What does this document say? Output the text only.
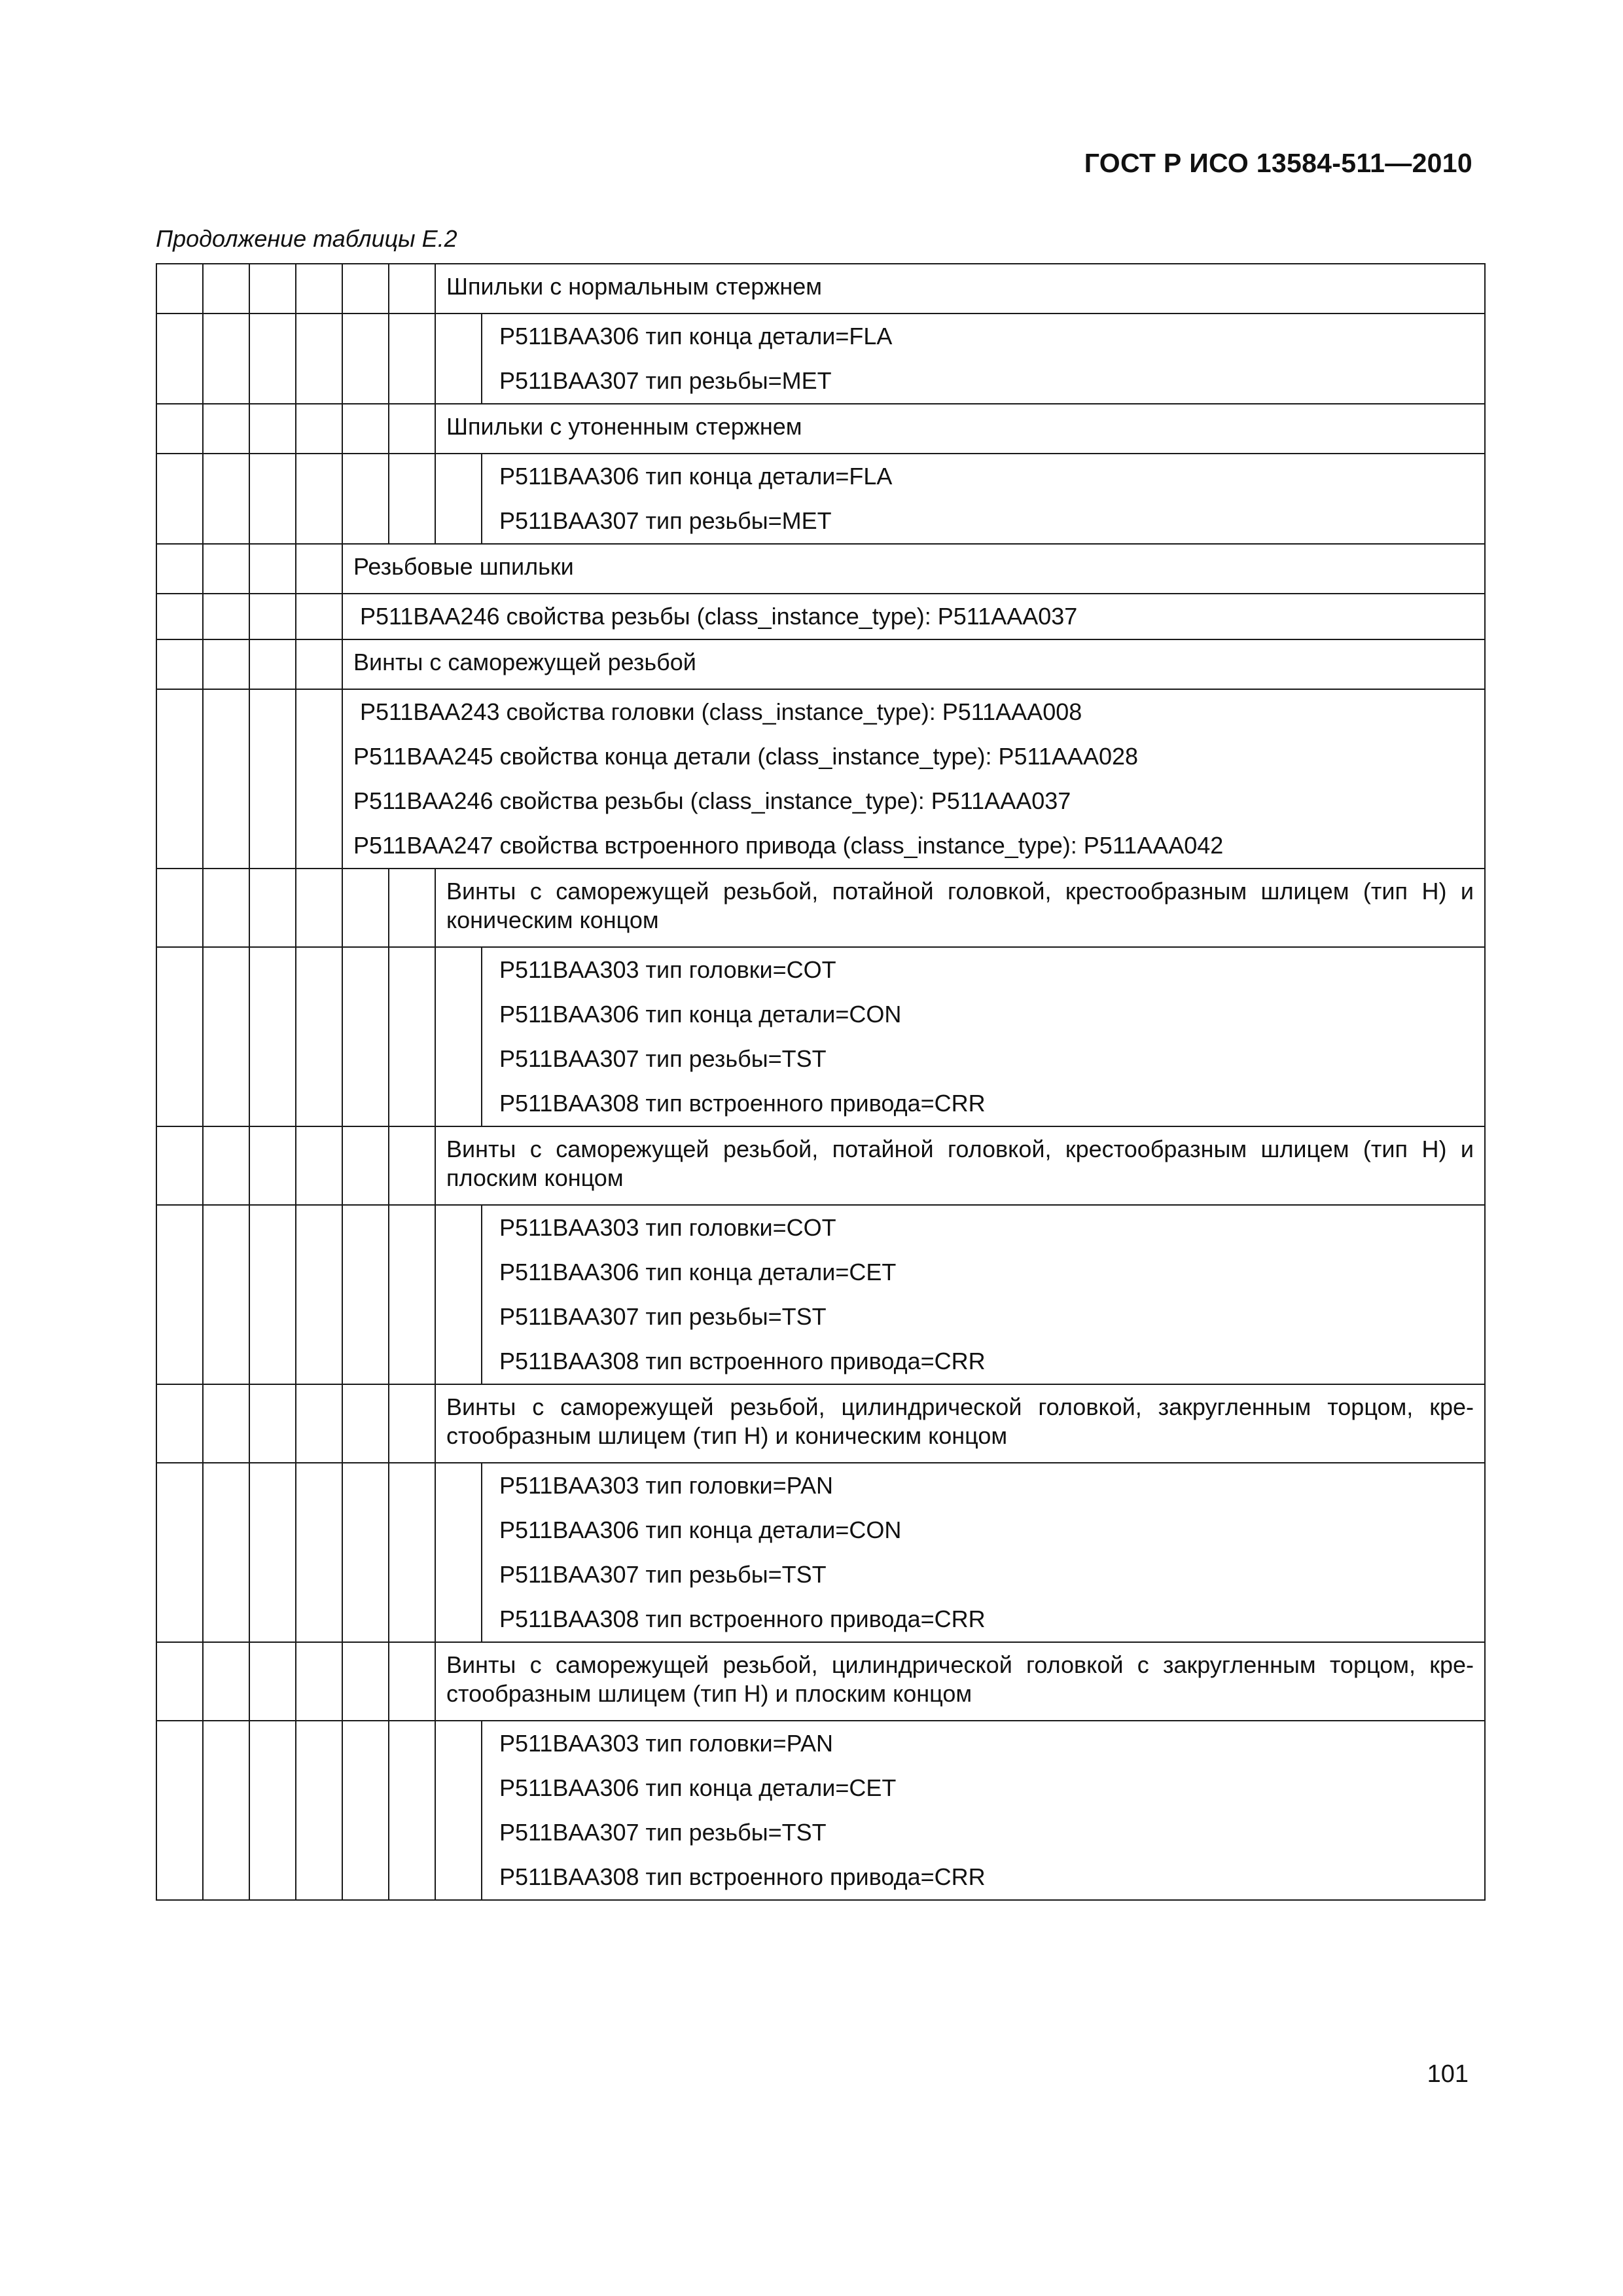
ГОСТ Р ИСО 13584-511—2010
Продолжение таблицы Е.2
						Шпильки с нормальным стержнем	

							P511BAA306 тип конца детали=FLA
P511BAA307 тип резьбы=MET

						Шпильки с утоненным стержнем	

							P511BAA306 тип конца детали=FLA
P511BAA307 тип резьбы=MET

				Резьбовые шпильки			

				P511BAA246 свойства резьбы (class_instance_type): P511AAA037			

				Винты с саморежущей резьбой			

				P511BAA243 свойства головки (class_instance_type): P511AAA008
P511BAA245 свойства конца детали (class_instance_type): P511AAA028
P511BAA246 свойства резьбы (class_instance_type): P511AAA037
P511BAA247 свойства встроенного привода (class_instance_type): P511AAA042			

						Винты с саморежущей резьбой, потайной головкой, крестообразным шлицем (тип Н) и коническим концом	

							P511BAA303 тип головки=COT
P511BAA306 тип конца детали=CON
P511BAA307 тип резьбы=TST
P511BAA308 тип встроенного привода=CRR

						Винты с саморежущей резьбой, потайной головкой, крестообразным шлицем (тип Н) и плоским концом	

							P511BAA303 тип головки=COT
P511BAA306 тип конца детали=CET
P511BAA307 тип резьбы=TST
P511BAA308 тип встроенного привода=CRR

						Винты с саморежущей резьбой, цилиндрической головкой, закругленным торцом, кре-стообразным шлицем (тип Н) и коническим концом	

							P511BAA303 тип головки=PAN
P511BAA306 тип конца детали=CON
P511BAA307 тип резьбы=TST
P511BAA308 тип встроенного привода=CRR

						Винты с саморежущей резьбой, цилиндрической головкой с закругленным торцом, кре-стообразным шлицем (тип Н) и плоским концом	

							P511BAA303 тип головки=PAN
P511BAA306 тип конца детали=CET
P511BAA307 тип резьбы=TST
P511BAA308 тип встроенного привода=CRR
101
